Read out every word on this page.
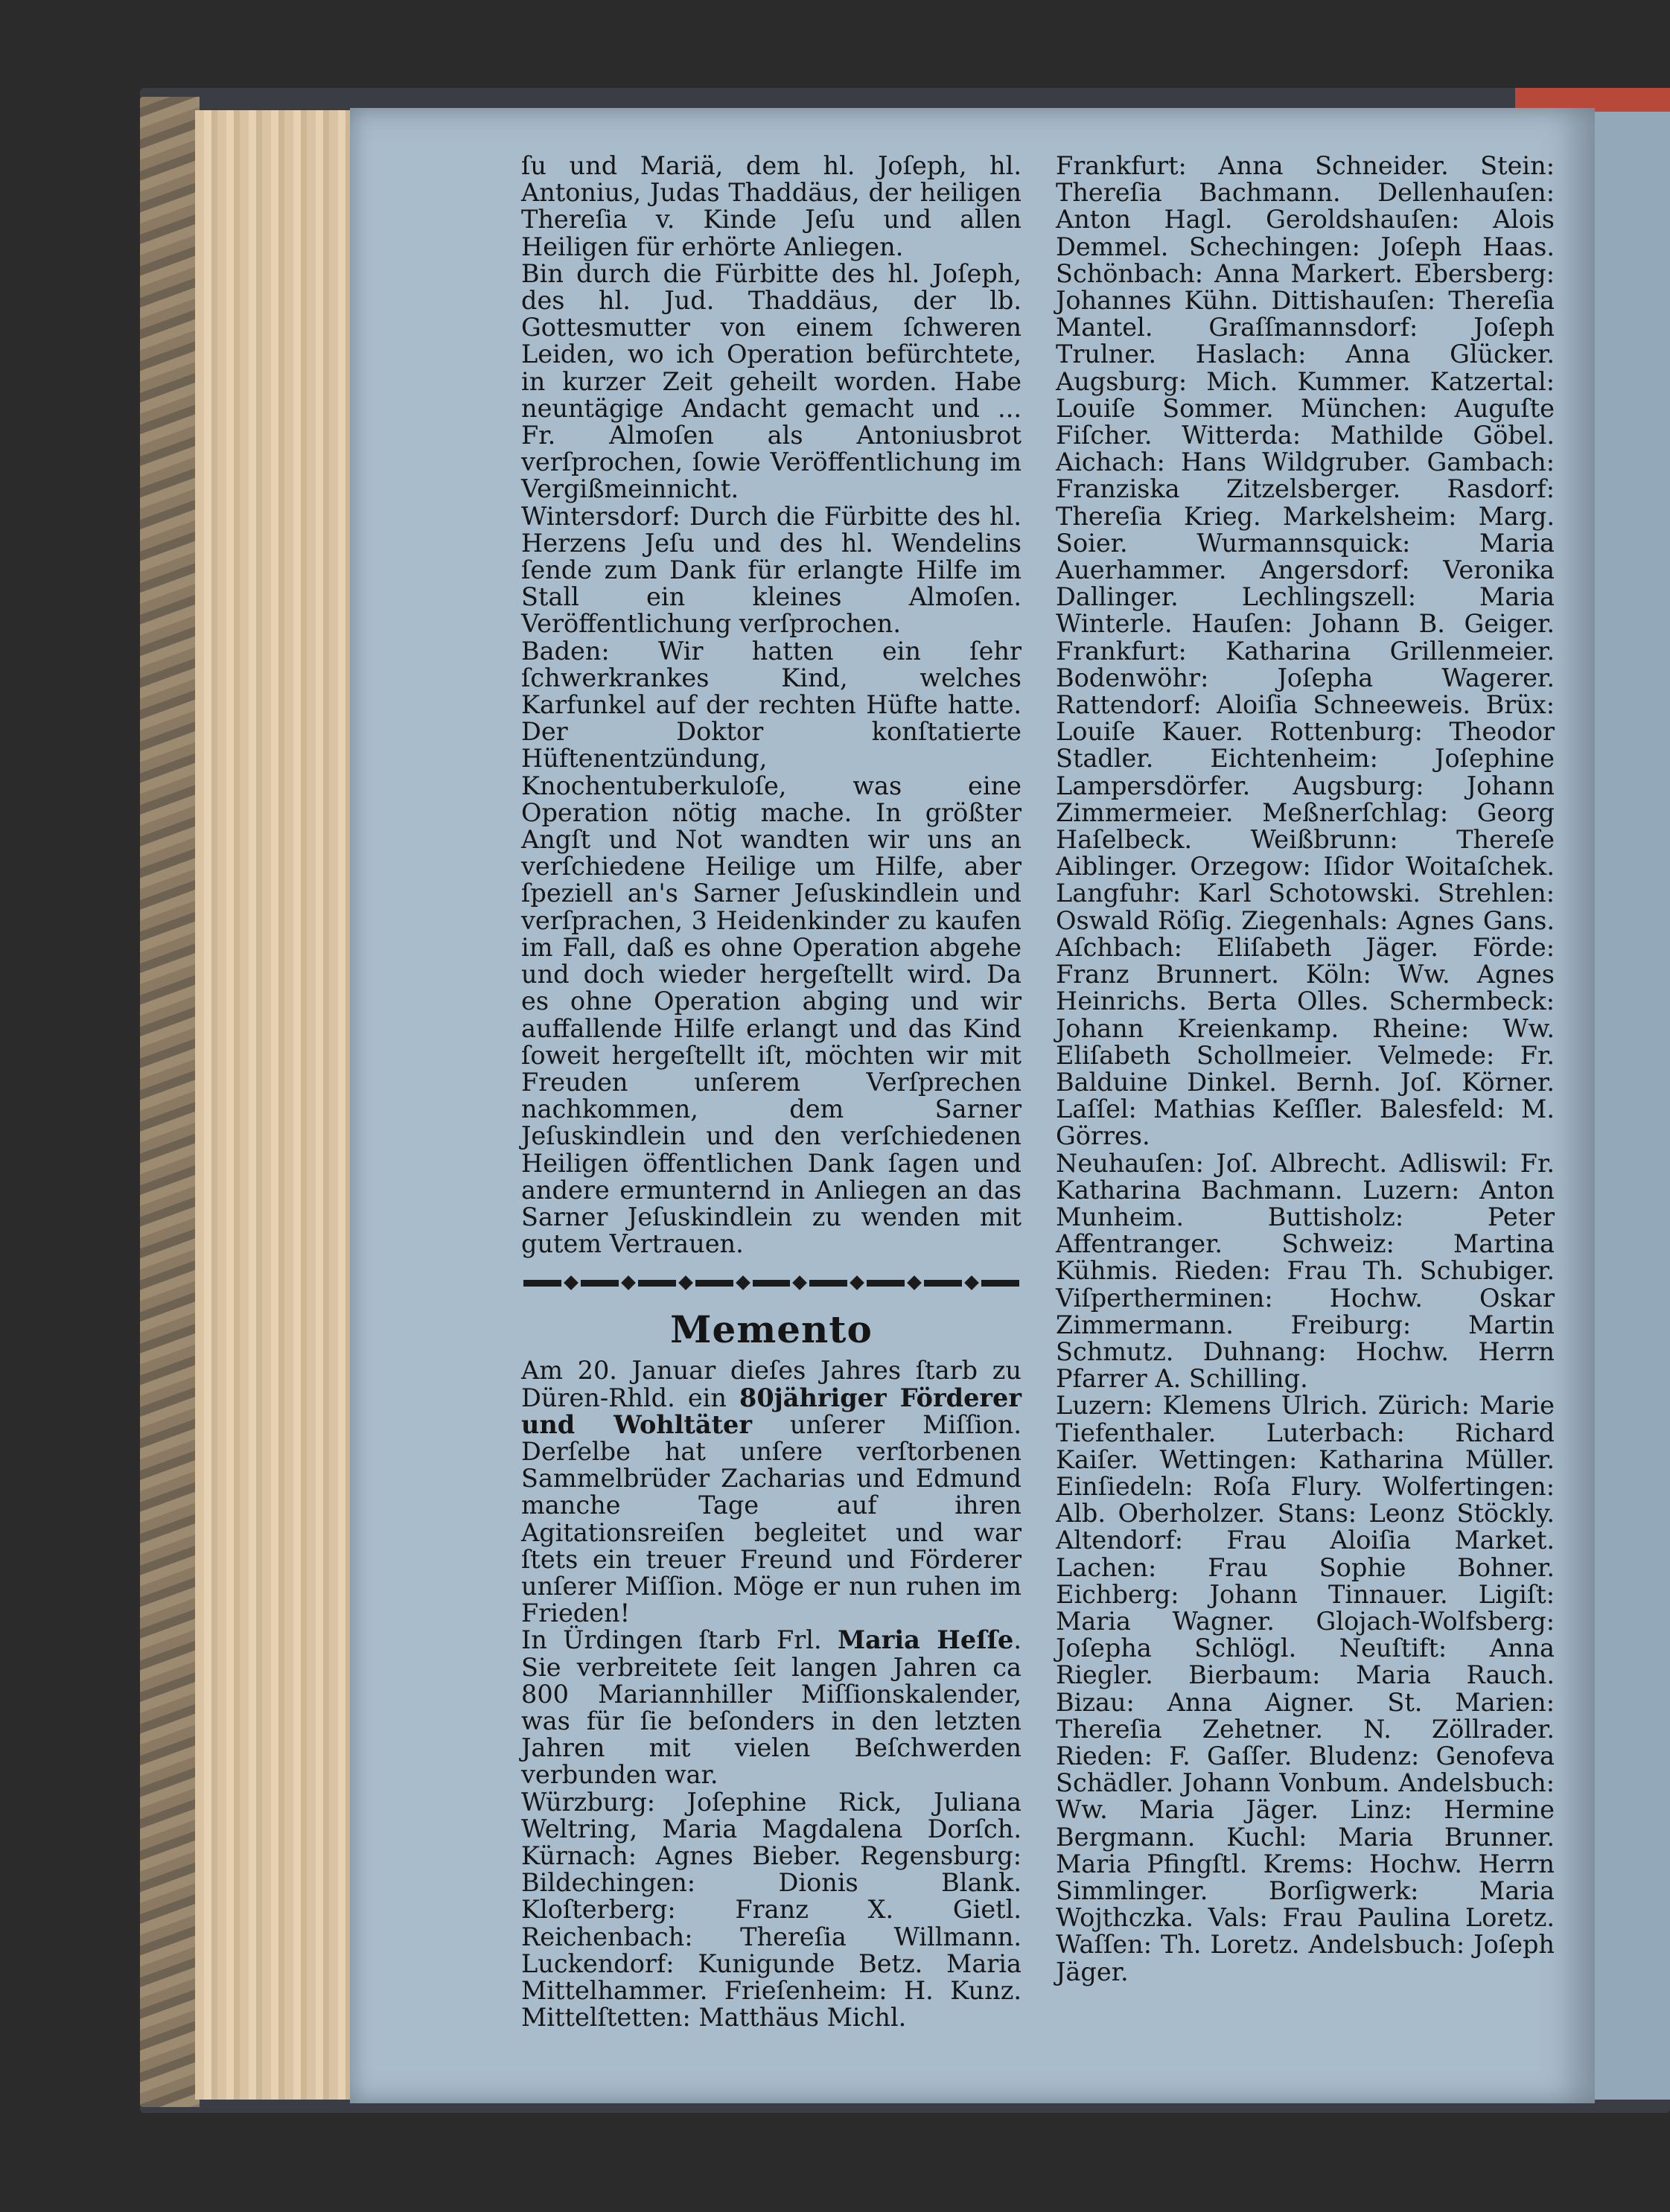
ſu und Mariä, dem hl. Joſeph, hl. Antonius, Judas Thaddäus, der heiligen Thereſia v. Kinde Jeſu und allen Heiligen für erhörte Anliegen.

Bin durch die Fürbitte des hl. Joſeph, des hl. Jud. Thaddäus, der lb. Gottesmutter von einem ſchweren Leiden, wo ich Operation befürchtete, in kurzer Zeit geheilt worden. Habe neuntägige Andacht gemacht und ... Fr. Almoſen als Antoniusbrot verſprochen, ſowie Veröffentlichung im Vergißmeinnicht.

Wintersdorf: Durch die Fürbitte des hl. Herzens Jeſu und des hl. Wendelins ſende zum Dank für erlangte Hilfe im Stall ein kleines Almoſen. Veröffentlichung verſprochen.

Baden: Wir hatten ein ſehr ſchwerkrankes Kind, welches Karfunkel auf der rechten Hüfte hatte. Der Doktor konſtatierte Hüftenentzündung, Knochentuberkuloſe, was eine Operation nötig mache. In größter Angſt und Not wandten wir uns an verſchiedene Heilige um Hilfe, aber ſpeziell an's Sarner Jeſuskindlein und verſprachen, 3 Heidenkinder zu kaufen im Fall, daß es ohne Operation abgehe und doch wieder hergeſtellt wird. Da es ohne Operation abging und wir auffallende Hilfe erlangt und das Kind ſoweit hergeſtellt iſt, möchten wir mit Freuden unſerem Verſprechen nachkommen, dem Sarner Jeſuskindlein und den verſchiedenen Heiligen öffentlichen Dank ſagen und andere ermunternd in Anliegen an das Sarner Jeſuskindlein zu wenden mit gutem Vertrauen.

Memento

Am 20. Januar dieſes Jahres ſtarb zu Düren-Rhld. ein 80jähriger Förderer und Wohltäter unſerer Miſſion. Derſelbe hat unſere verſtorbenen Sammelbrüder Zacharias und Edmund manche Tage auf ihren Agitationsreiſen begleitet und war ſtets ein treuer Freund und Förderer unſerer Miſſion. Möge er nun ruhen im Frieden!

In Ürdingen ſtarb Frl. Maria Heſſe. Sie verbreitete ſeit langen Jahren ca 800 Mariannhiller Miſſionskalender, was für ſie beſonders in den letzten Jahren mit vielen Beſchwerden verbunden war.

Würzburg: Joſephine Rick, Juliana Weltring, Maria Magdalena Dorſch. Kürnach: Agnes Bieber. Regensburg: Bildechingen: Dionis Blank. Kloſterberg: Franz X. Gietl. Reichenbach: Thereſia Willmann. Luckendorf: Kunigunde Betz. Maria Mittelhammer. Frieſenheim: H. Kunz. Mittelſtetten: Matthäus Michl.

Frankfurt: Anna Schneider. Stein: Thereſia Bachmann. Dellenhauſen: Anton Hagl. Geroldshauſen: Alois Demmel. Schechingen: Joſeph Haas. Schönbach: Anna Markert. Ebersberg: Johannes Kühn. Dittishauſen: Thereſia Mantel. Graſſmannsdorf: Joſeph Trulner. Haslach: Anna Glücker. Augsburg: Mich. Kummer. Katzertal: Louiſe Sommer. München: Auguſte Fiſcher. Witterda: Mathilde Göbel. Aichach: Hans Wildgruber. Gambach: Franziska Zitzelsberger. Rasdorf: Thereſia Krieg. Markelsheim: Marg. Soier. Wurmannsquick: Maria Auerhammer. Angersdorf: Veronika Dallinger. Lechlingszell: Maria Winterle. Hauſen: Johann B. Geiger. Frankfurt: Katharina Grillenmeier. Bodenwöhr: Joſepha Wagerer. Rattendorf: Aloiſia Schneeweis. Brüx: Louiſe Kauer. Rottenburg: Theodor Stadler. Eichtenheim: Joſephine Lampersdörfer. Augsburg: Johann Zimmermeier. Meßnerſchlag: Georg Haſelbeck. Weißbrunn: Thereſe Aiblinger. Orzegow: Iſidor Woitaſchek. Langfuhr: Karl Schotowski. Strehlen: Oswald Röſig. Ziegenhals: Agnes Gans. Aſchbach: Eliſabeth Jäger. Förde: Franz Brunnert. Köln: Ww. Agnes Heinrichs. Berta Olles. Schermbeck: Johann Kreienkamp. Rheine: Ww. Eliſabeth Schollmeier. Velmede: Fr. Balduine Dinkel. Bernh. Joſ. Körner. Laſſel: Mathias Keſſler. Balesfeld: M. Görres.

Neuhauſen: Joſ. Albrecht. Adliswil: Fr. Katharina Bachmann. Luzern: Anton Munheim. Buttisholz: Peter Affentranger. Schweiz: Martina Kühmis. Rieden: Frau Th. Schubiger. Viſpertherminen: Hochw. Oskar Zimmermann. Freiburg: Martin Schmutz. Duhnang: Hochw. Herrn Pfarrer A. Schilling.

Luzern: Klemens Ulrich. Zürich: Marie Tiefenthaler. Luterbach: Richard Kaiſer. Wettingen: Katharina Müller. Einſiedeln: Roſa Flury. Wolfertingen: Alb. Oberholzer. Stans: Leonz Stöckly. Altendorf: Frau Aloiſia Market. Lachen: Frau Sophie Bohner. Eichberg: Johann Tinnauer. Ligiſt: Maria Wagner. Glojach-Wolfsberg: Joſepha Schlögl. Neuſtift: Anna Riegler. Bierbaum: Maria Rauch. Bizau: Anna Aigner. St. Marien: Thereſia Zehetner. N. Zöllrader. Rieden: F. Gaſſer. Bludenz: Genofeva Schädler. Johann Vonbum. Andelsbuch: Ww. Maria Jäger. Linz: Hermine Bergmann. Kuchl: Maria Brunner. Maria Pfingſtl. Krems: Hochw. Herrn Simmlinger. Borſigwerk: Maria Wojthczka. Vals: Frau Paulina Loretz. Waſſen: Th. Loretz. Andelsbuch: Joſeph Jäger.
